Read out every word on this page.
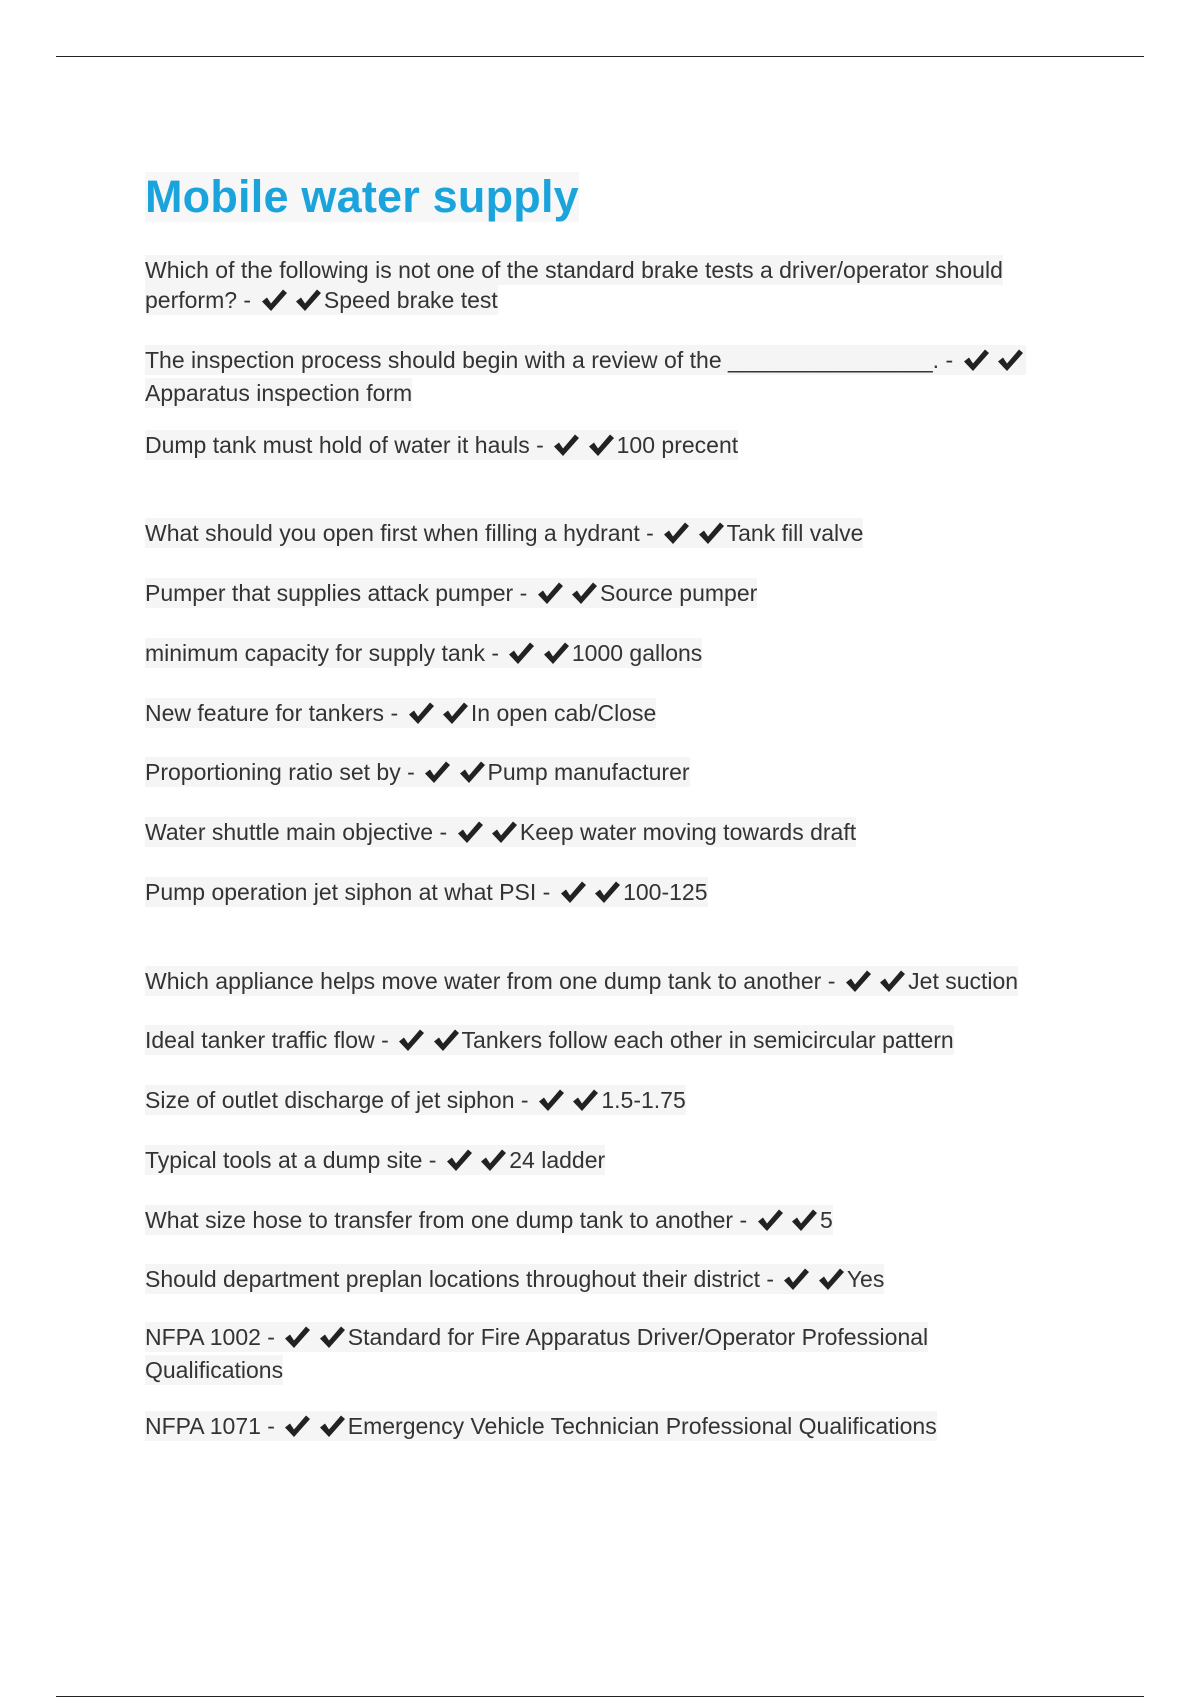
Mobile water supply

Which of the following is not one of the standard brake tests a driver/operator should perform? -
	Speed brake test

The inspection process should begin with a review of the ________________. -

Apparatus inspection form

Dump tank must hold of water it hauls -
	100 precent

What should you open first when filling a hydrant -
	Tank fill valve

Pumper that supplies attack pumper -
	Source pumper

minimum capacity for supply tank -
	1000 gallons

New feature for tankers -
	In open cab/Close

Proportioning ratio set by -
	Pump manufacturer

Water shuttle main objective -
	Keep water moving towards draft

Pump operation jet siphon at what PSI -
	100-125

Which appliance helps move water from one dump tank to another -
	Jet suction

Ideal tanker traffic flow -
	Tankers follow each other in semicircular pattern

Size of outlet discharge of jet siphon -
	1.5-1.75

Typical tools at a dump site -
	24 ladder

What size hose to transfer from one dump tank to another -
	5

Should department preplan locations throughout their district -
	Yes

NFPA 1002 -
	Standard for Fire Apparatus Driver/Operator Professional Qualifications

NFPA 1071 -
	Emergency Vehicle Technician Professional Qualifications
